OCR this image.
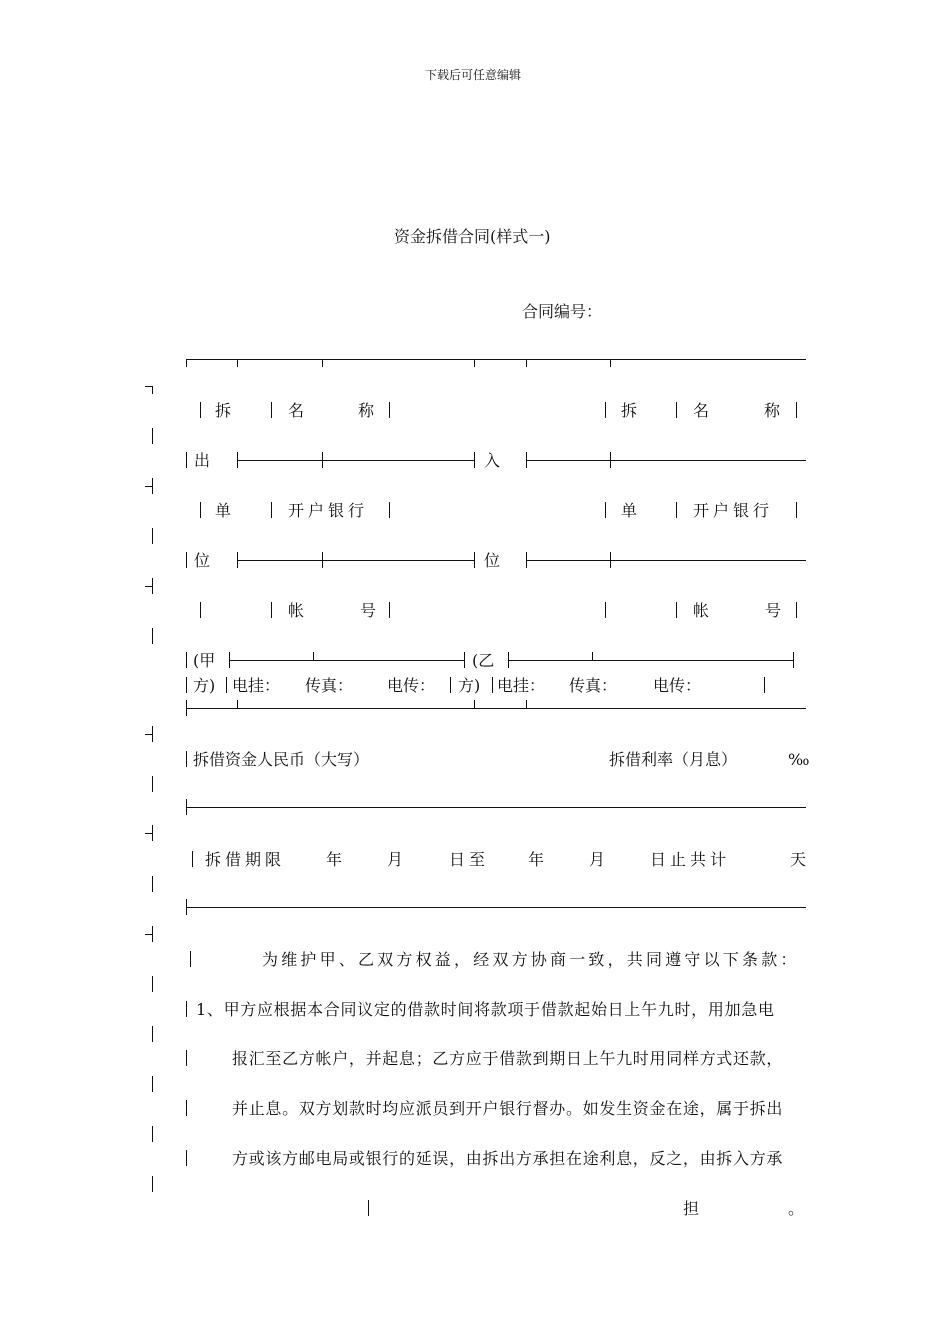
下载后可任意编辑
资金拆借合同(样式一)
合同编号：
拆	名	称	拆	名	称
出	入
单	开户银行	单	开户银行
位	位
帐	号	帐	号
(甲	(乙
方) 电挂： 传真： 电传： 方) 电挂： 传真： 电传：
拆借资金人民币（大写）	拆借利率（月息）	‰
拆借期限	年	月	日至 年	月	日止共计	天
为维护甲、乙双方权益，经双方协商一致，共同遵守以下条款：
1、甲方应根据本合同议定的借款时间将款项于借款起始日上午九时，用加急电
报汇至乙方帐户，并起息；乙方应于借款到期日上午九时用同样方式还款，
并止息。双方划款时均应派员到开户银行督办。如发生资金在途，属于拆出
方或该方邮电局或银行的延误，由拆出方承担在途利息，反之，由拆入方承
担	。
